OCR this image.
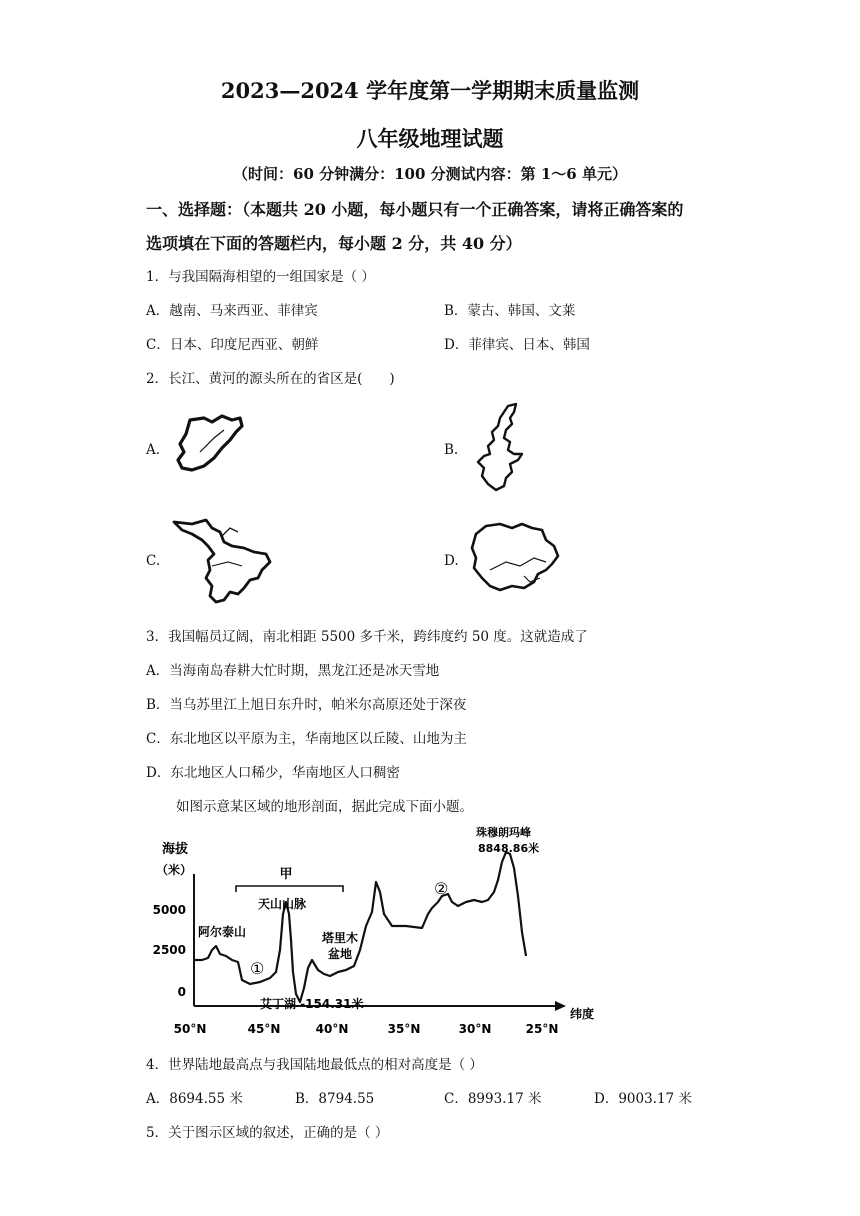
2023—2024 学年度第一学期期末质量监测
八年级地理试题
（时间：60 分钟满分：100 分测试内容：第 1～6 单元）
一、选择题：（本题共 20 小题，每小题只有一个正确答案，请将正确答案的
选项填在下面的答题栏内，每小题 2 分，共 40 分）
1．与我国隔海相望的一组国家是（ ）
A．越南、马来西亚、菲律宾	B．蒙古、韩国、文莱
C．日本、印度尼西亚、朝鲜	D．菲律宾、日本、韩国
2．长江、黄河的源头所在的省区是(　　)
A.	B.
C.	D.
3．我国幅员辽阔，南北相距 5500 多千米，跨纬度约 50 度。这就造成了
A．当海南岛春耕大忙时期，黑龙江还是冰天雪地
B．当乌苏里江上旭日东升时，帕米尔高原还处于深夜
C．东北地区以平原为主，华南地区以丘陵、山地为主
D．东北地区人口稀少，华南地区人口稠密
如图示意某区域的地形剖面，据此完成下面小题。
海拔
（米）
5000
2500
0
50°N	45°N	40°N	35°N	30°N	25°N
纬度
甲
阿尔泰山
天山山脉
塔里木
盆地
①
②
珠穆朗玛峰
8848.86米
艾丁湖 -154.31米
4．世界陆地最高点与我国陆地最低点的相对高度是（ ）
A．8694.55 米	B．8794.55	C．8993.17 米	D．9003.17 米
5．关于图示区域的叙述，正确的是（ ）
